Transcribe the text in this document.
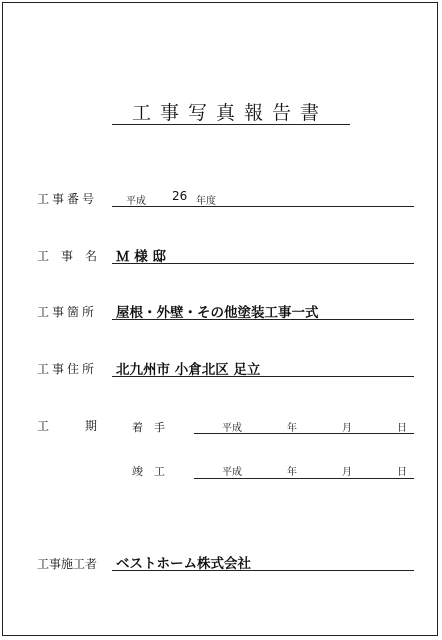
工事写真報告書
工事番号	平成 26 年度
工　事　名 Ｍ 様 邸
工事箇所 屋根・外壁・その他塗装工事一式
工事住所 北九州市 小倉北区 足立
工　　　期	着　手	平成	年	月	日
竣　工	平成	年	月	日
工事施工者 ベストホーム株式会社
